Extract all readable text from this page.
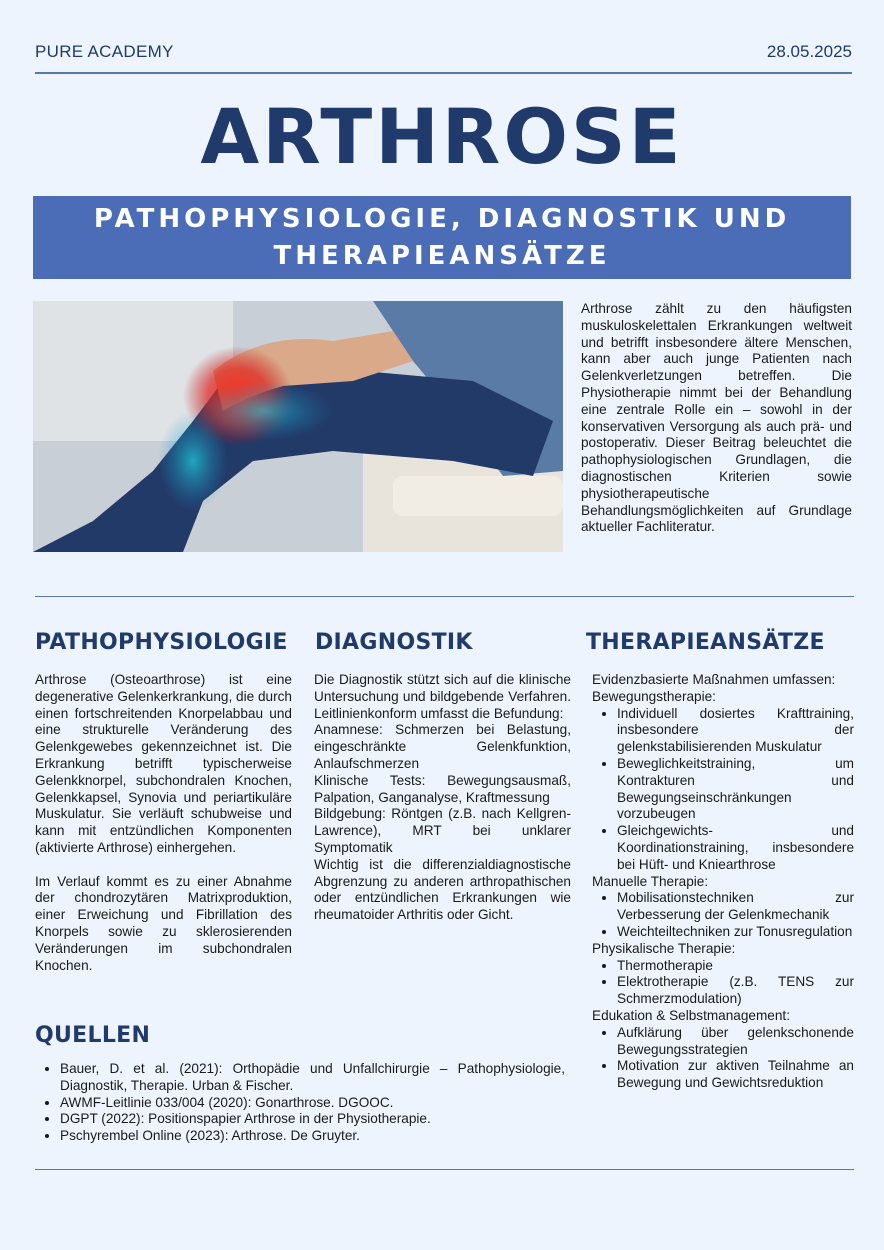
PURE ACADEMY	28.05.2025
ARTHROSE
PATHOPHYSIOLOGIE, DIAGNOSTIK UND THERAPIEANSÄTZE
Arthrose zählt zu den häufigsten muskuloskelettalen Erkrankungen weltweit und betrifft insbesondere ältere Menschen, kann aber auch junge Patienten nach Gelenkverletzungen betreffen. Die Physiotherapie nimmt bei der Behandlung eine zentrale Rolle ein – sowohl in der konservativen Versorgung als auch prä- und postoperativ. Dieser Beitrag beleuchtet die pathophysiologischen Grundlagen, die diagnostischen Kriterien sowie physiotherapeutische Behandlungsmöglichkeiten auf Grundlage aktueller Fachliteratur.
PATHOPHYSIOLOGIE DIAGNOSTIK	THERAPIEANSÄTZE

Arthrose (Osteoarthrose) ist eine degenerative Gelenkerkrankung, die durch einen fortschreitenden Knorpelabbau und eine strukturelle Veränderung des Gelenkgewebes gekennzeichnet ist. Die Erkrankung betrifft typischerweise Gelenkknorpel, subchondralen Knochen, Gelenkkapsel, Synovia und periartikuläre Muskulatur. Sie verläuft schubweise und kann mit entzündlichen Komponenten (aktivierte Arthrose) einhergehen.

Im Verlauf kommt es zu einer Abnahme der chondrozytären Matrixproduktion, einer Erweichung und Fibrillation des Knorpels sowie zu sklerosierenden Veränderungen im subchondralen Knochen.

Die Diagnostik stützt sich auf die klinische Untersuchung und bildgebende Verfahren. Leitlinienkonform umfasst die Befundung:

Anamnese: Schmerzen bei Belastung, eingeschränkte Gelenkfunktion, Anlaufschmerzen

Klinische Tests: Bewegungsausmaß, Palpation, Ganganalyse, Kraftmessung

Bildgebung: Röntgen (z.B. nach Kellgren-Lawrence), MRT bei unklarer Symptomatik

Wichtig ist die differenzialdiagnostische Abgrenzung zu anderen arthropathischen oder entzündlichen Erkrankungen wie rheumatoider Arthritis oder Gicht.

Evidenzbasierte Maßnahmen umfassen:

Bewegungstherapie:

• Individuell dosiertes Krafttraining, insbesondere der gelenkstabilisierenden Muskulatur
• Beweglichkeitstraining, um Kontrakturen und Bewegungseinschränkungen vorzubeugen
• Gleichgewichts- und Koordinationstraining, insbesondere bei Hüft- und Kniearthrose

Manuelle Therapie:

• Mobilisationstechniken zur Verbesserung der Gelenkmechanik
• Weichteiltechniken zur Tonusregulation

Physikalische Therapie:

• Thermotherapie
• Elektrotherapie (z.B. TENS zur Schmerzmodulation)

Edukation & Selbstmanagement:

• Aufklärung über gelenkschonende Bewegungsstrategien
• Motivation zur aktiven Teilnahme an Bewegung und Gewichtsreduktion
QUELLEN
• Bauer, D. et al. (2021): Orthopädie und Unfallchirurgie – Pathophysiologie, Diagnostik, Therapie. Urban & Fischer.
• AWMF-Leitlinie 033/004 (2020): Gonarthrose. DGOOC.
• DGPT (2022): Positionspapier Arthrose in der Physiotherapie.
• Pschyrembel Online (2023): Arthrose. De Gruyter.
